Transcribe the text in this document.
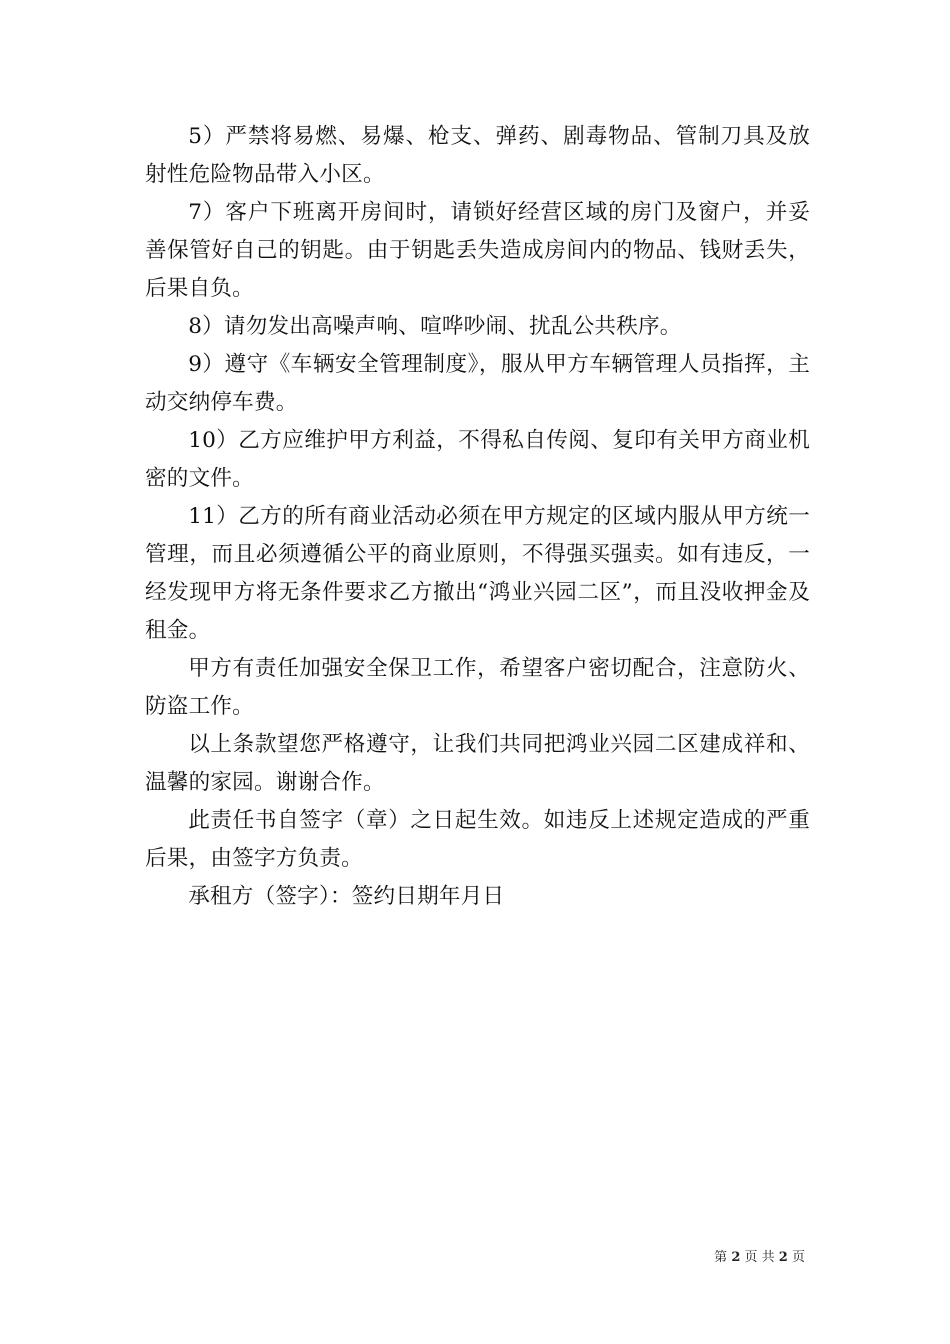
5）严禁将易燃、易爆、枪支、弹药、剧毒物品、管制刀具及放射性危险物品带入小区。

7）客户下班离开房间时，请锁好经营区域的房门及窗户，并妥善保管好自己的钥匙。由于钥匙丢失造成房间内的物品、钱财丢失，后果自负。

8）请勿发出高噪声响、喧哗吵闹、扰乱公共秩序。

9）遵守《车辆安全管理制度》，服从甲方车辆管理人员指挥，主动交纳停车费。

10）乙方应维护甲方利益，不得私自传阅、复印有关甲方商业机密的文件。

11）乙方的所有商业活动必须在甲方规定的区域内服从甲方统一管理，而且必须遵循公平的商业原则，不得强买强卖。如有违反，一经发现甲方将无条件要求乙方撤出“鸿业兴园二区”，而且没收押金及租金。

甲方有责任加强安全保卫工作，希望客户密切配合，注意防火、防盗工作。

以上条款望您严格遵守，让我们共同把鸿业兴园二区建成祥和、温馨的家园。谢谢合作。

此责任书自签字（章）之日起生效。如违反上述规定造成的严重后果，由签字方负责。

承租方（签字）：签约日期年月日

第 2 页 共 2 页
